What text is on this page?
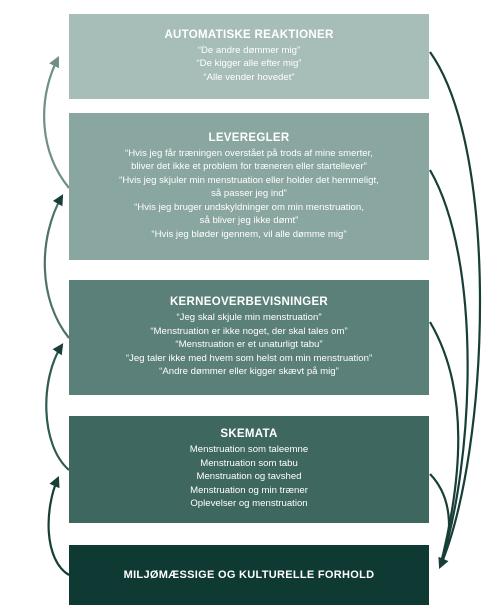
AUTOMATISKE REAKTIONER
“De andre dømmer mig”
“De kigger alle efter mig”
“Alle vender hovedet”
LEVEREGLER
“Hvis jeg får træningen overstået på trods af mine smerter,
bliver det ikke et problem for træneren eller startellever”
“Hvis jeg skjuler min menstruation eller holder det hemmeligt,
så passer jeg ind”
“Hvis jeg bruger undskyldninger om min menstruation,
så bliver jeg ikke dømt”
“Hvis jeg bløder igennem, vil alle dømme mig”
KERNEOVERBEVISNINGER
“Jeg skal skjule min menstruation”
“Menstruation er ikke noget, der skal tales om”
“Menstruation er et unaturligt tabu”
“Jeg taler ikke med hvem som helst om min menstruation”
“Andre dømmer eller kigger skævt på mig”
SKEMATA
Menstruation som taleemne
Menstruation som tabu
Menstruation og tavshed
Menstruation og min træner
Oplevelser og menstruation
MILJØMÆSSIGE OG KULTURELLE FORHOLD
